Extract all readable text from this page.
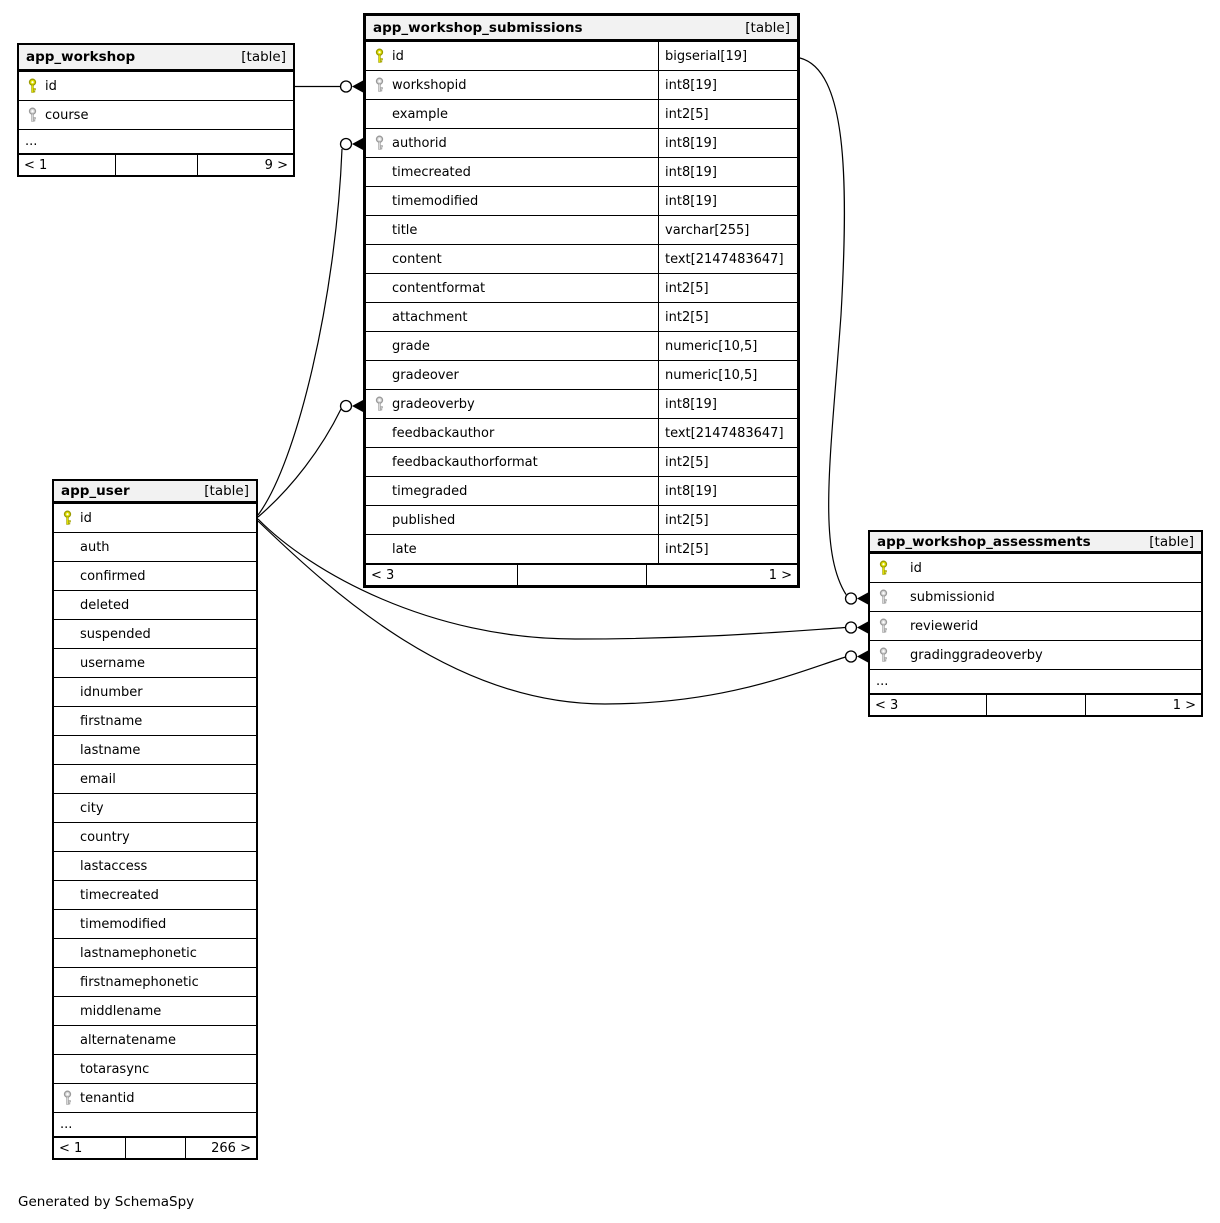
app_workshop_submissions	[table]
id	bigserial[19]
workshopid	int8[19]
example	int2[5]
authorid	int8[19]
timecreated	int8[19]
timemodified	int8[19]
title	varchar[255]
content	text[2147483647]
contentformat	int2[5]
attachment	int2[5]
grade	numeric[10,5]
gradeover	numeric[10,5]
gradeoverby	int8[19]
feedbackauthor	text[2147483647]
feedbackauthorformat	int2[5]
timegraded	int8[19]
published	int2[5]
late	int2[5]
< 3	1 >
app_workshop	[table]
id
course
...
< 1	9 >
app_user	[table]
id
auth
confirmed
deleted
suspended
username
idnumber
firstname
lastname
email
city
country
lastaccess
timecreated
timemodified
lastnamephonetic
firstnamephonetic
middlename
alternatename
totarasync
tenantid
...
< 1	266 >
app_workshop_assessments	[table]
id
submissionid
reviewerid
gradinggradeoverby
...
< 3	1 >
Generated by SchemaSpy
